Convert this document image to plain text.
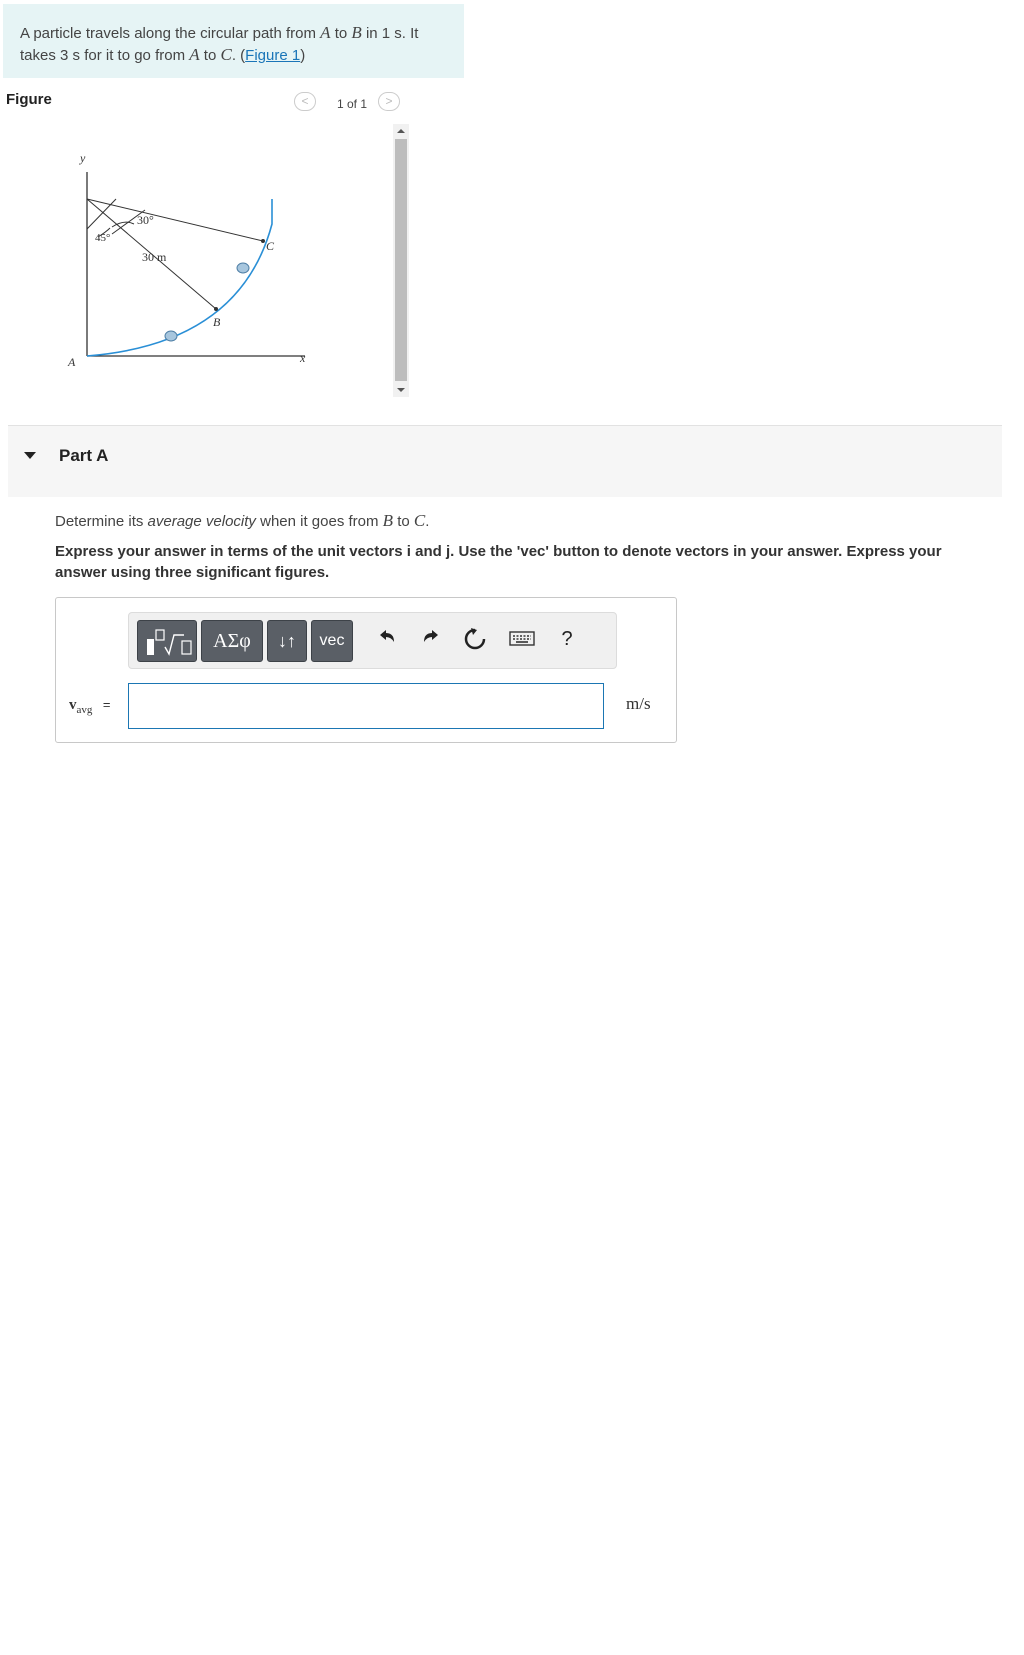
A particle travels along the circular path from A to B in 1 s. It takes 3 s for it to go from A to C. (Figure 1)
Figure	<	1 of 1	>
y
x
A
B
C
30°
45°
30 m
Part A
Determine its average velocity when it goes from B to C.
Express your answer in terms of the unit vectors i and j. Use the 'vec' button to denote vectors in your answer. Express your answer using three significant figures.
ΑΣφ	↓↑	vec	?
$v_{avg}$ =	m/s
